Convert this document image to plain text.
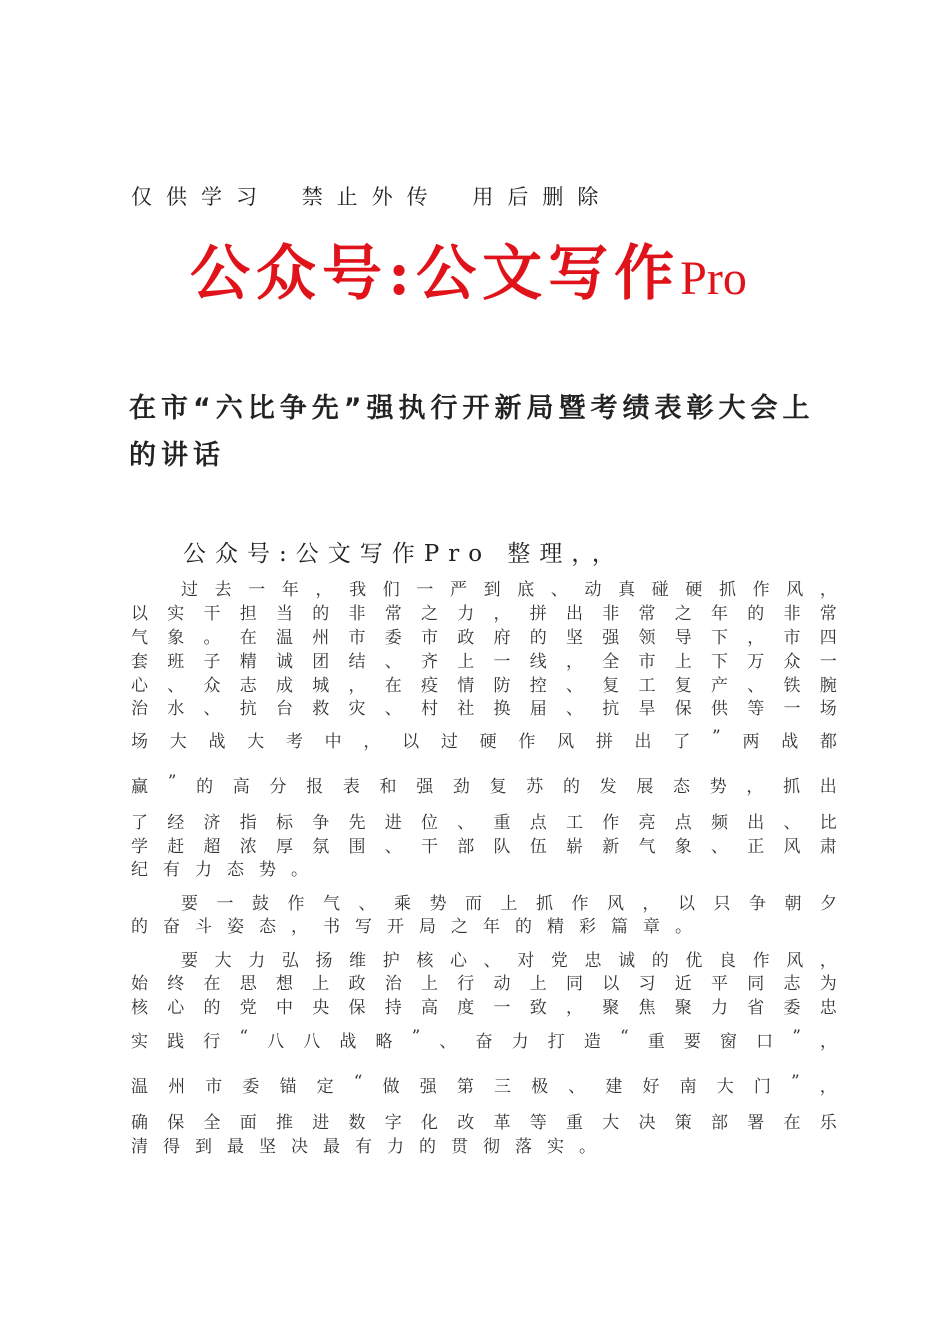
仅供学习 禁止外传 用后删除
公众号:公文写作Pro
在市“六比争先”强执行开新局暨考绩表彰大会上的讲话
公众号:公文写作Pro 整理，，
过 去 一 年 ， 我 们 一 严 到 底 、 动 真 碰 硬 抓 作 风 ，
以 实 干 担 当 的 非 常 之 力 ， 拼 出 非 常 之 年 的 非 常
气 象 。 在 温 州 市 委 市 政 府 的 坚 强 领 导 下 ， 市 四
套 班 子 精 诚 团 结 、 齐 上 一 线 ， 全 市 上 下 万 众 一
心 、 众 志 成 城 ， 在 疫 情 防 控 、 复 工 复 产 、 铁 腕
治 水 、 抗 台 救 灾 、 村 社 换 届 、 抗 旱 保 供 等 一 场
场 大 战 大 考 中 ， 以 过 硬 作 风 拼 出 了 ” 两 战 都
赢 ” 的 高 分 报 表 和 强 劲 复 苏 的 发 展 态 势 ， 抓 出
了 经 济 指 标 争 先 进 位 、 重 点 工 作 亮 点 频 出 、 比
学 赶 超 浓 厚 氛 围 、 干 部 队 伍 崭 新 气 象 、 正 风 肃
纪 有 力 态 势 。
要 一 鼓 作 气 、 乘 势 而 上 抓 作 风 ， 以 只 争 朝 夕
的 奋 斗 姿 态 ， 书 写 开 局 之 年 的 精 彩 篇 章 。
要 大 力 弘 扬 维 护 核 心 、 对 党 忠 诚 的 优 良 作 风 ，
始 终 在 思 想 上 政 治 上 行 动 上 同 以 习 近 平 同 志 为
核 心 的 党 中 央 保 持 高 度 一 致 ， 聚 焦 聚 力 省 委 忠
实 践 行 “ 八 八 战 略 ” 、 奋 力 打 造 “ 重 要 窗 口 ” ，
温 州 市 委 锚 定 “ 做 强 第 三 极 、 建 好 南 大 门 ” ，
确 保 全 面 推 进 数 字 化 改 革 等 重 大 决 策 部 署 在 乐
清 得 到 最 坚 决 最 有 力 的 贯 彻 落 实 。
